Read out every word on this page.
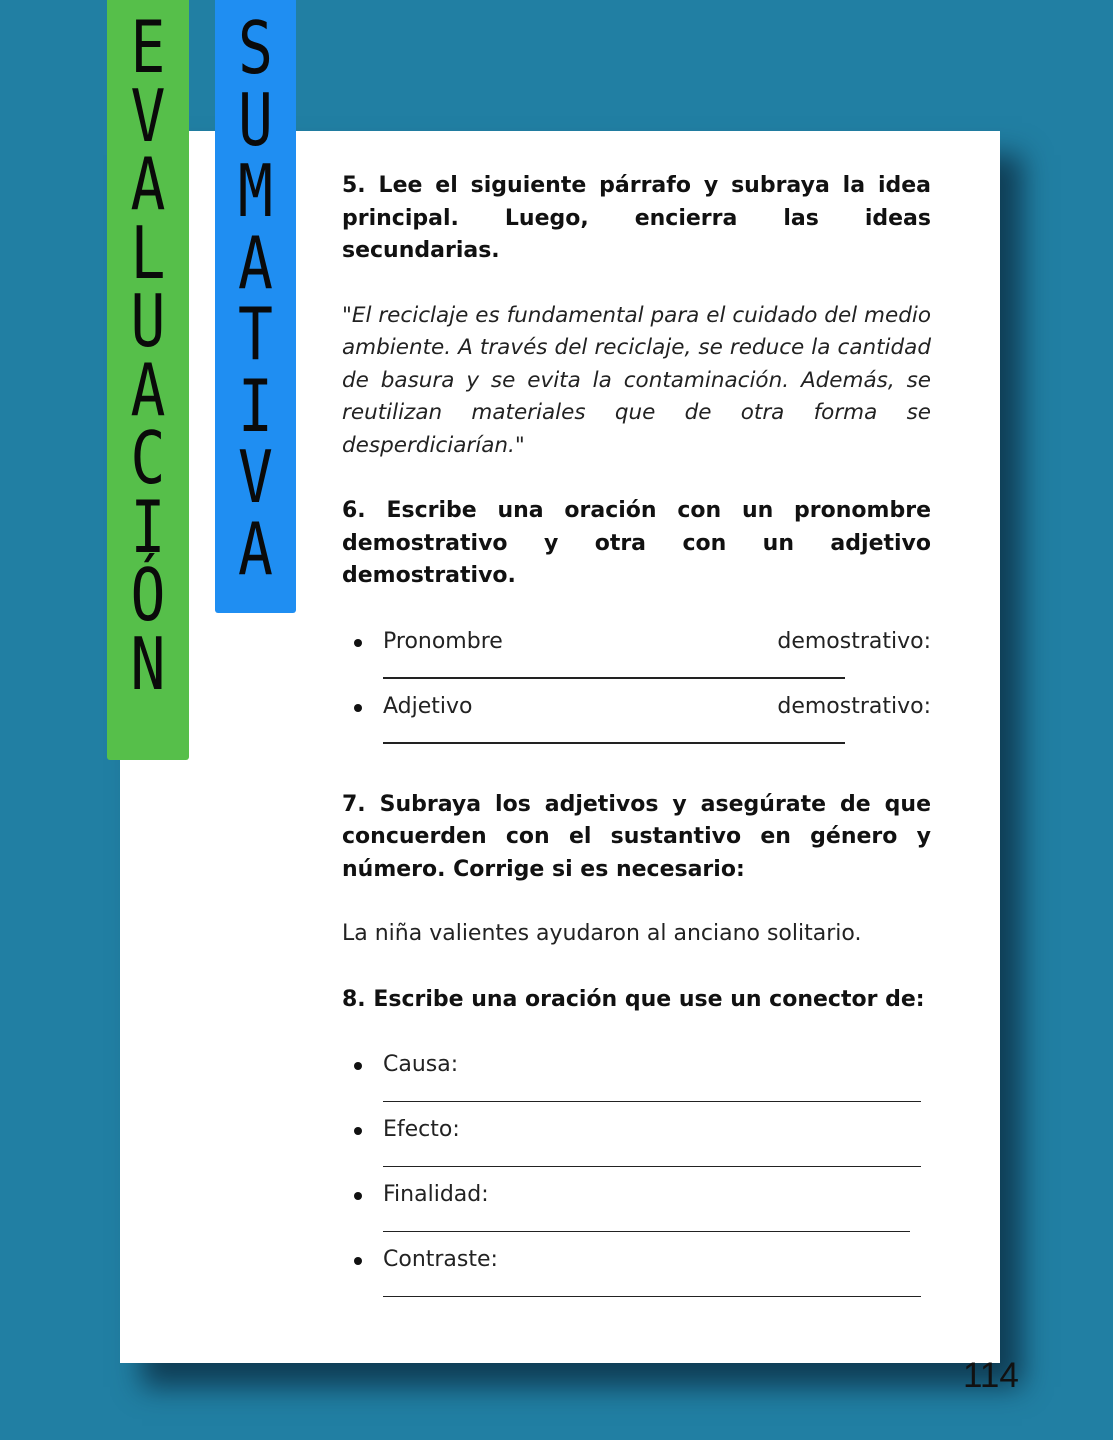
E
V
A
L
U
A
C
I
Ó
N
S
U
M
A
T
I
V
A

5. Lee el siguiente párrafo y subraya la idea principal. Luego, encierra las ideas secundarias.

"El reciclaje es fundamental para el cuidado del medio ambiente. A través del reciclaje, se reduce la cantidad de basura y se evita la contaminación. Además, se reutilizan materiales que de otra forma se desperdiciarían."

6. Escribe una oración con un pronombre demostrativo y otra con un adjetivo demostrativo.

Pronombre	demostrativo:
Adjetivo	demostrativo:

7. Subraya los adjetivos y asegúrate de que concuerden con el sustantivo en género y número. Corrige si es necesario:

La niña valientes ayudaron al anciano solitario.

8. Escribe una oración que use un conector de:

Causa:
Efecto:
Finalidad:
Contraste:
114
